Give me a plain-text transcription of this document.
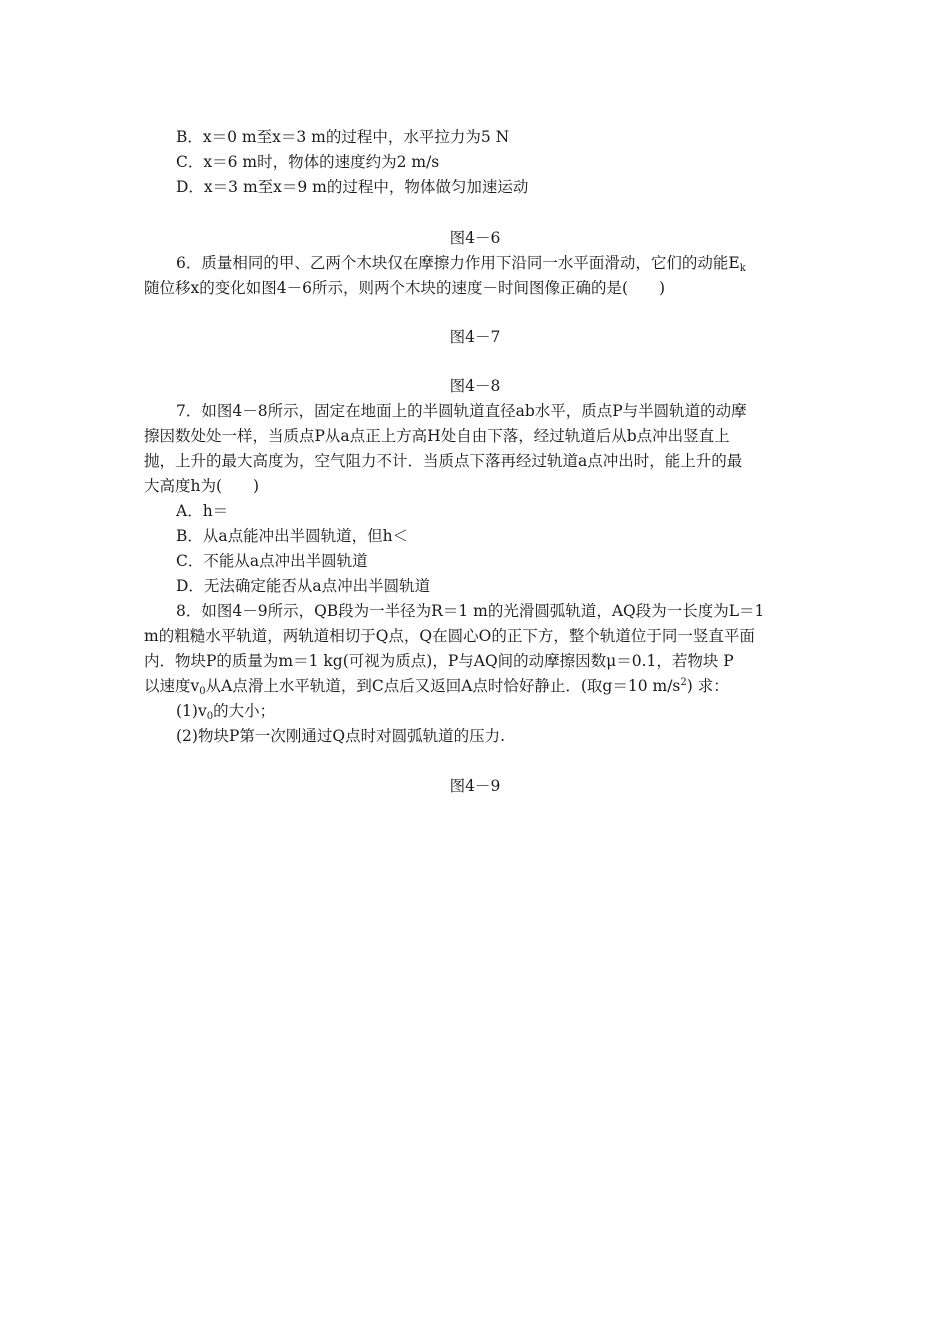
B．x＝0 m至x＝3 m的过程中，水平拉力为5 N
C．x＝6 m时，物体的速度约为2 m/s
D．x＝3 m至x＝9 m的过程中，物体做匀加速运动
图4－6
6．质量相同的甲、乙两个木块仅在摩擦力作用下沿同一水平面滑动，它们的动能$E_k$
随位移x的变化如图4－6所示，则两个木块的速度－时间图像正确的是(　　)
图4－7
图4－8
7．如图4－8所示，固定在地面上的半圆轨道直径ab水平，质点P与半圆轨道的动摩
擦因数处处一样，当质点P从a点正上方高H处自由下落，经过轨道后从b点冲出竖直上
抛，上升的最大高度为，空气阻力不计．当质点下落再经过轨道a点冲出时，能上升的最
大高度h为(　　)
A．h＝
B．从a点能冲出半圆轨道，但h＜
C．不能从a点冲出半圆轨道
D．无法确定能否从a点冲出半圆轨道
8．如图4－9所示，QB段为一半径为R＝1 m的光滑圆弧轨道，AQ段为一长度为L＝1
m的粗糙水平轨道，两轨道相切于Q点，Q在圆心O的正下方，整个轨道位于同一竖直平面
内．物块P的质量为m＝1 kg(可视为质点)，P与AQ间的动摩擦因数μ＝0.1，若物块 P
以速度$v_0$从A点滑上水平轨道，到C点后又返回A点时恰好静止．(取g＝10 $m/s^2$) 求：
$(1)v_0$的大小；
(2)物块P第一次刚通过Q点时对圆弧轨道的压力.
图4－9
